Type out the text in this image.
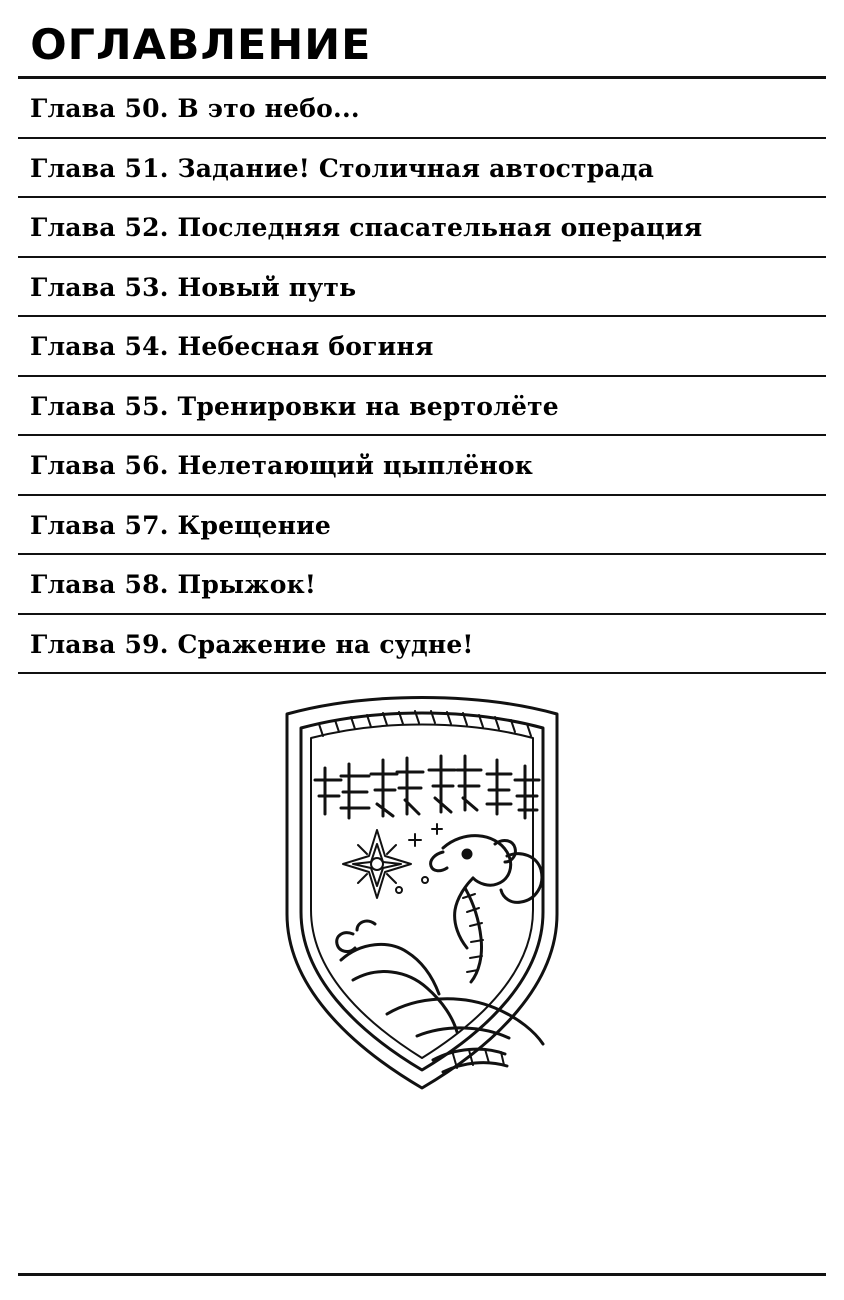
ОГЛАВЛЕНИЕ
Глава 50. В это небо...
Глава 51. Задание! Столичная автострада
Глава 52. Последняя спасательная операция
Глава 53. Новый путь
Глава 54. Небесная богиня
Глава 55. Тренировки на вертолёте
Глава 56. Нелетающий цыплёнок
Глава 57. Крещение
Глава 58. Прыжок!
Глава 59. Сражение на судне!
